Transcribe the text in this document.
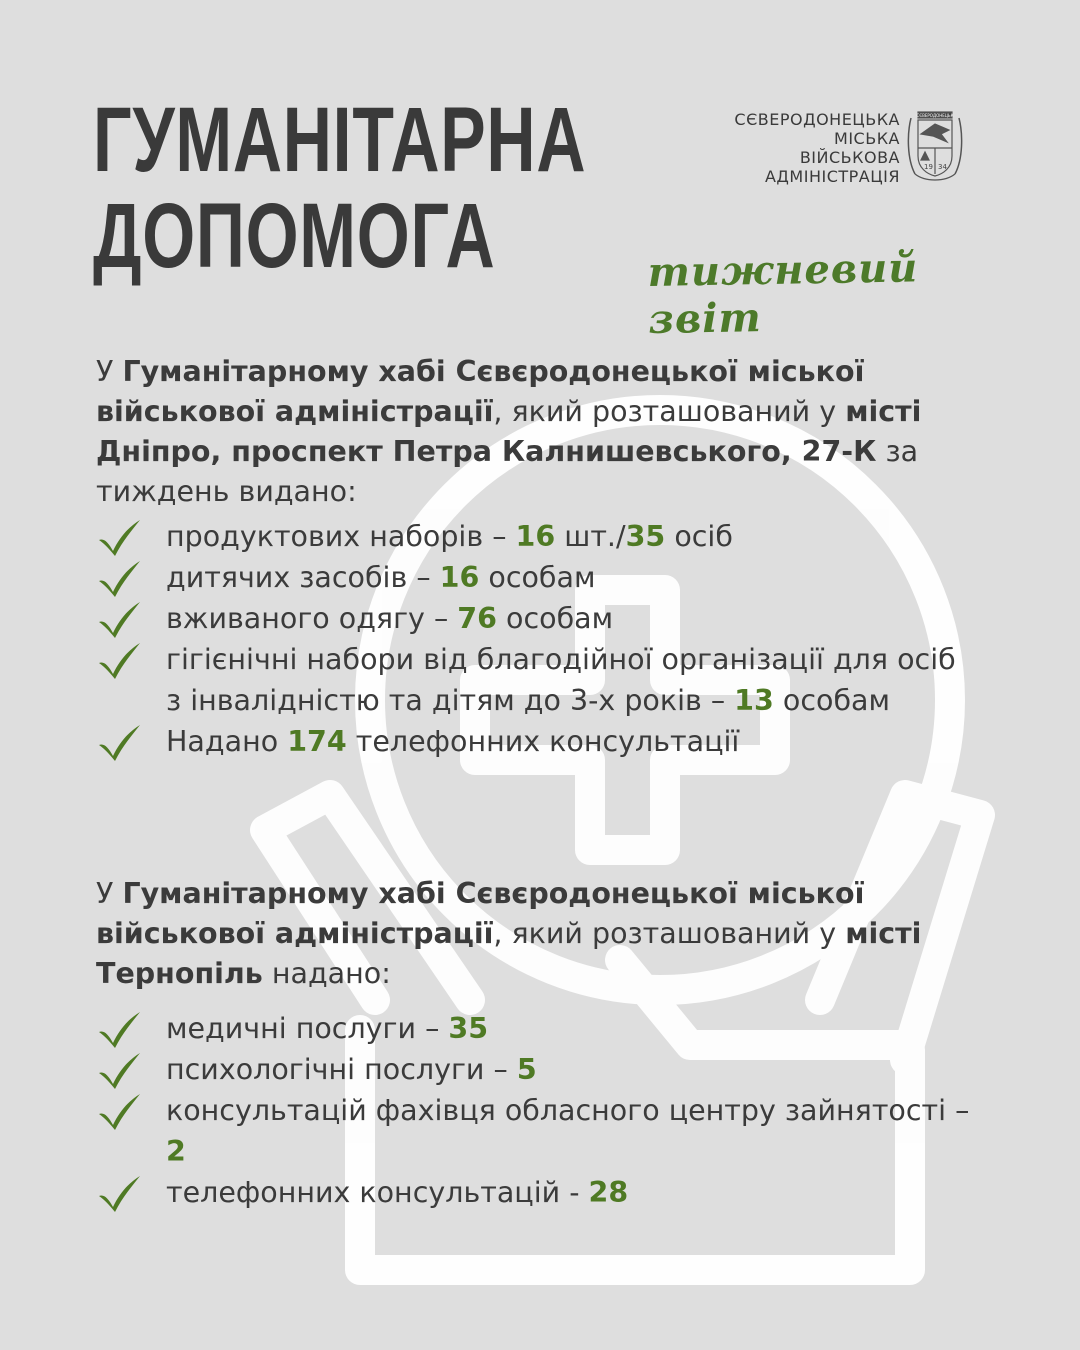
ГУМАНІТАРНА
ДОПОМОГА
СЄВЕРОДОНЕЦЬКА
МІСЬКА
ВІЙСЬКОВА
АДМІНІСТРАЦІЯ
СЄВЕРОДОНЕЦЬК
19 34
тижневий звіт

У Гуманітарному хабі Сєвєродонецької міської військової адміністрації, який розташований у місті Дніпро, проспект Петра Калнишевського, 27-К за тиждень видано:

продуктових наборів – 16 шт./35 осіб
дитячих засобів – 16 особам
вживаного одягу – 76 особам
гігієнічні набори від благодійної організації для осіб з інвалідністю та дітям до 3-х років – 13 особам
Надано 174 телефонних консультації

У Гуманітарному хабі Сєвєродонецької міської військової адміністрації, який розташований у місті Тернопіль надано:

медичні послуги – 35
психологічні послуги – 5
консультацій фахівця обласного центру зайнятості – 2
телефонних консультацій - 28
